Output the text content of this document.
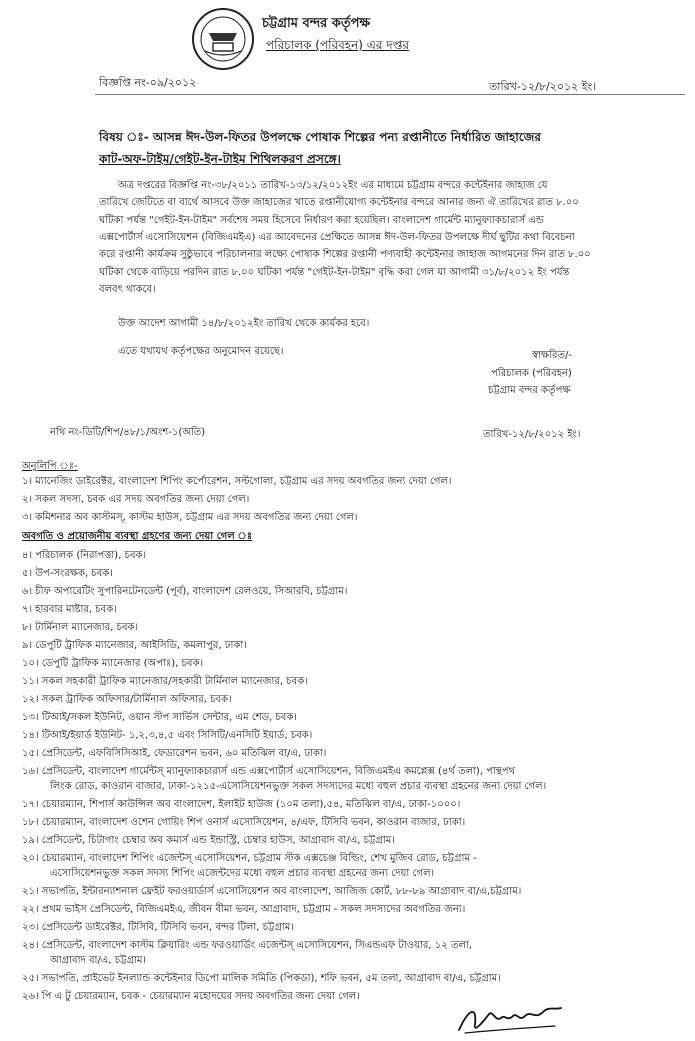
চট্টগ্রাম বন্দর কর্তৃপক্ষ
পরিচালক (পরিবহন) এর দপ্তর
বিজ্ঞপ্তি নং-০৯/২০১২	তারিখ-১২/৮/২০১২ ইং।
বিষয় ঃ- আসন্ন ঈদ-উল-ফিতর উপলক্ষে পোষাক শিল্পের পন্য রপ্তানীতে নির্ধারিত জাহাজের
কাট-অফ-টাইম/গেইট-ইন-টাইম শিথিলকরণ প্রসঙ্গে।
অত্র দপ্তরের বিজ্ঞপ্তি নং-৩৮/২০১১ তারিখ-১৩/১২/২০১২ইং এর মাধ্যমে চট্টগ্রাম বন্দরে কন্টেইনার জাহাজ যে
তারিখে জেটিতে বা বার্থে আসবে উক্ত জাহাজের খাতে রপ্তানীযোগ্য কন্টেইনার বন্দরে আনার জন্য ঐ তারিখের রাত ৮.০০
ঘটিকা পর্যন্ত "গেইট-ইন-টাইম" সর্বশেষ সময় হিসেবে নির্ধারণ করা হয়েছিল। বাংলাদেশ গার্মেন্ট ম্যানুফ্যাকচারার্স এন্ড
এক্সপোর্টার্স এসোসিয়েশন (বিজিএমইএ) এর আবেদনের প্রেক্ষিতে আসন্ন ঈদ-উল-ফিতর উপলক্ষে দীর্ঘ ছুটির কথা বিবেচনা
করে রপ্তানী কার্যক্রম সুষ্ঠুভাবে পরিচালনার লক্ষ্যে পোষাক শিল্পের রপ্তানী পণ্যবাহী কন্টেইনার জাহাজ আগমনের দিন রাত ৮.০০
ঘটিকা থেকে বাড়িয়ে পরদিন রাত ৮.০০ ঘটিকা পর্যন্ত "গেইট-ইন-টাইম" বৃদ্ধি করা গেল যা আগামী ৩১/৮/২০১২ ইং পর্যন্ত
বলবৎ থাকবে।
উক্ত আদেশ আগামী ১৪/৮/২০১২ইং তারিখ থেকে কার্যকর হবে।
এতে যথাযথ কর্তৃপক্ষের অনুমোদন রয়েছে।	স্বাক্ষরিত/-
পরিচালক (পরিবহন)
চট্টগ্রাম বন্দর কর্তৃপক্ষ
নথি নং-ডিটি/শিপ/৪৮/১/অংশ-১(অতি)	তারিখ-১২/৮/২০১২ ইং।
অনুলিপি ঃ-
১। ম্যানেজিং ডাইরেক্টর, বাংলাদেশ শিপিং কর্পোরেশন, সল্টগোলা, চট্টগ্রাম এর সদয় অবগতির জন্য দেয়া গেল।
২। সকল সদস্য, চবক এর সদয় অবগতির জন্য দেয়া গেল।
৩। কমিশনার অব কাস্টমস্, কাস্টম হাউস, চট্টগ্রাম এর সদয় অবগতির জন্য দেয়া গেল।
অবগতি ও প্রয়োজনীয় ব্যবস্থা গ্রহণের জন্য দেয়া গেল ঃ
৪। পরিচালক (নিরাপত্তা), চবক।
৫। উপ-সংরক্ষক, চবক।
৬। চীফ অপারেটিং সুপারিনটেনডেন্ট (পূর্ব), বাংলাদেশ রেলওয়ে, সিআরবি, চট্টগ্রাম।
৭। হারবার মাষ্টার, চবক।
৮। টার্মিনাল ম্যানেজার, চবক।
৯। ডেপুটি ট্রাফিক ম্যানেজার, আইসিডি, কমলাপুর, ঢাকা।
১০। ডেপুটি ট্রাফিক ম্যানেজার (অপাঃ), চবক।
১১। সকল সহকারী ট্রাফিক ম্যানেজার/সহকারী টার্মিনাল ম্যানেজার, চবক।
১২। সকল ট্রাফিক অফিসার/টার্মিনাল অফিসার, চবক।
১৩। টিআই/সকল ইউনিট, ওয়ান স্টপ সার্ভিস সেন্টার, এম শেড, চবক।
১৪। টিআই/ইয়ার্ড ইউনিট- ১,২,৩,৪,৫ এবং সিসিটি/এনসিটি ইয়ার্ড, চবক।
১৫। প্রেসিডেন্ট, এফবিসিসিআই, ফেডারেশন ভবন, ৬০ মতিঝিল বা/এ, ঢাকা।
১৬। প্রেসিডেন্ট, বাংলাদেশ গার্মেন্টস্ ম্যানুফ্যাকচারার্স এন্ড এক্সপোর্টার্স এসোসিয়েশন, বিজিএমইএ কমপ্লেক্স (৪র্থ তলা), পান্থপথ
লিংক রোড, কাওরান বাজার, ঢাকা-১২১৫-এসোসিয়েশনভুক্ত সকল সদস্যদের মধ্যে বহুল প্রচার ব্যবস্থা গ্রহনের জন্য দেয়া গেল।
১৭। চেয়ারম্যান, শিপার্স কাউন্সিল অব বাংলাদেশ, ইলাইট হাউজ (১০ম তলা),৫৪, মতিঝিল বা/এ, ঢাকা-১০০০।
১৮। চেয়ারম্যান, বাংলাদেশ ওশেন গোয়িং শিপ ওনার্স এসোসিয়েশন, ৪/এফ, টিসিবি ভবন, কাওরান বাজার, ঢাকা।
১৯। প্রেসিডেন্ট, চিটাগাং চেম্বার অব কমার্স এন্ড ইন্ডাস্ট্রি, চেম্বার হাউস, আগ্রাবাদ বা/এ, চট্টগ্রাম।
২০। চেয়ারম্যান, বাংলাদেশ শিপিং এজেন্টস্ এসোসিয়েশন, চট্টগ্রাম স্টক এক্সচেঞ্জ বিল্ডিং, শেখ মুজিব রোড, চট্টগ্রাম -
এসোসিয়েশনভুক্ত সকল সদস্য শিপিং এজেন্টদের মধ্যে বহুল প্রচার ব্যবস্থা গ্রহনের জন্য দেয়া গেল।
২১। সভাপতি, ইন্টারন্যাশনাল ফ্রেইট ফরওয়ার্ডার্স এসোসিয়েশন অব বাংলাদেশ, আজিজ কোর্ট, ৮৮-৮৯ আগ্রাবাদ বা/এ,চট্টগ্রাম।
২২। প্রথম ভাইস প্রেসিডেন্ট, বিজিএমইএ, জীবন বীমা ভবন, আগ্রাবাদ, চট্টগ্রাম - সকল সদস্যদের অবগতির জন্য।
২৩। প্রেসিডেন্ট ডাইরেক্টর, টিসিবি, টিসিবি ভবন, বন্দর টিলা, চট্টগ্রাম।
২৪। প্রেসিডেন্ট, বাংলাদেশ কাস্টম ক্লিয়ারিং এন্ড ফরওয়ার্ডিং এজেন্টস্ এসোসিয়েশন, সিএন্ডএফ টাওয়ার, ১২ তলা,
আগ্রাবাদ বা/এ, চট্টগ্রাম।
২৫। সভাপতি, প্রাইভেট ইনল্যান্ড কন্টেইনার ডিপো মালিক সমিতি (পিকডা), শফি ভবন, ৫ম তলা, আগ্রাবাদ বা/এ, চট্টগ্রাম।
২৬। পি এ টু চেয়ারম্যান, চবক - চেয়ারম্যান মহোদয়ের সদয় অবগতির জন্য দেয়া গেল।
